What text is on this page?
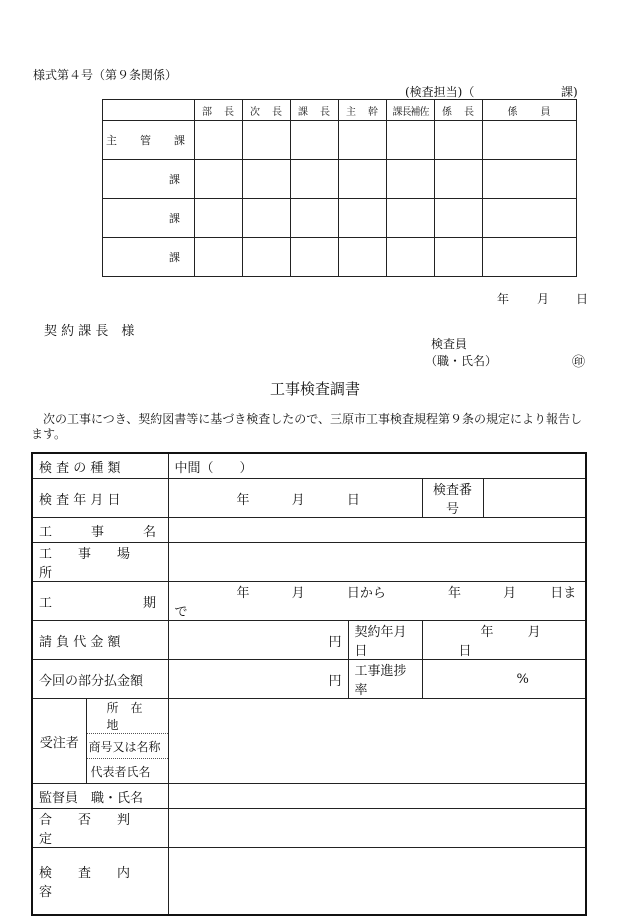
様式第４号（第９条関係）
(検査担当)（	課)
	部　長	次　長	課　長	主　幹	課長補佐	係　長	係　　員
主　管　課							
課							
課							
課							
年 月 日
契 約 課 長　様
検査員
（職・氏名）	㊞
工事検査調書
　次の工事につき、契約図書等に基づき検査したので、三原市工事検査規程第９条の規定により報告します。
検 査 の 種 類		中間（　　）			
検 査 年 月 日		年 月 日		検査番号	
工　　　事　　　名					
工　　事　　場　　所					
工　　　　　　　期		年 月 日から 年 月 日まで			
請 負 代 金 額		円	契約年月日	年 月 日	
今回の部分払金額		円	工事進捗率	%	
受注者	所　在　地				
	商号又は名称				
	代表者氏名				
監督員　職・氏名					
合　　否　　判　　定					
検　　査　　内　　容					
